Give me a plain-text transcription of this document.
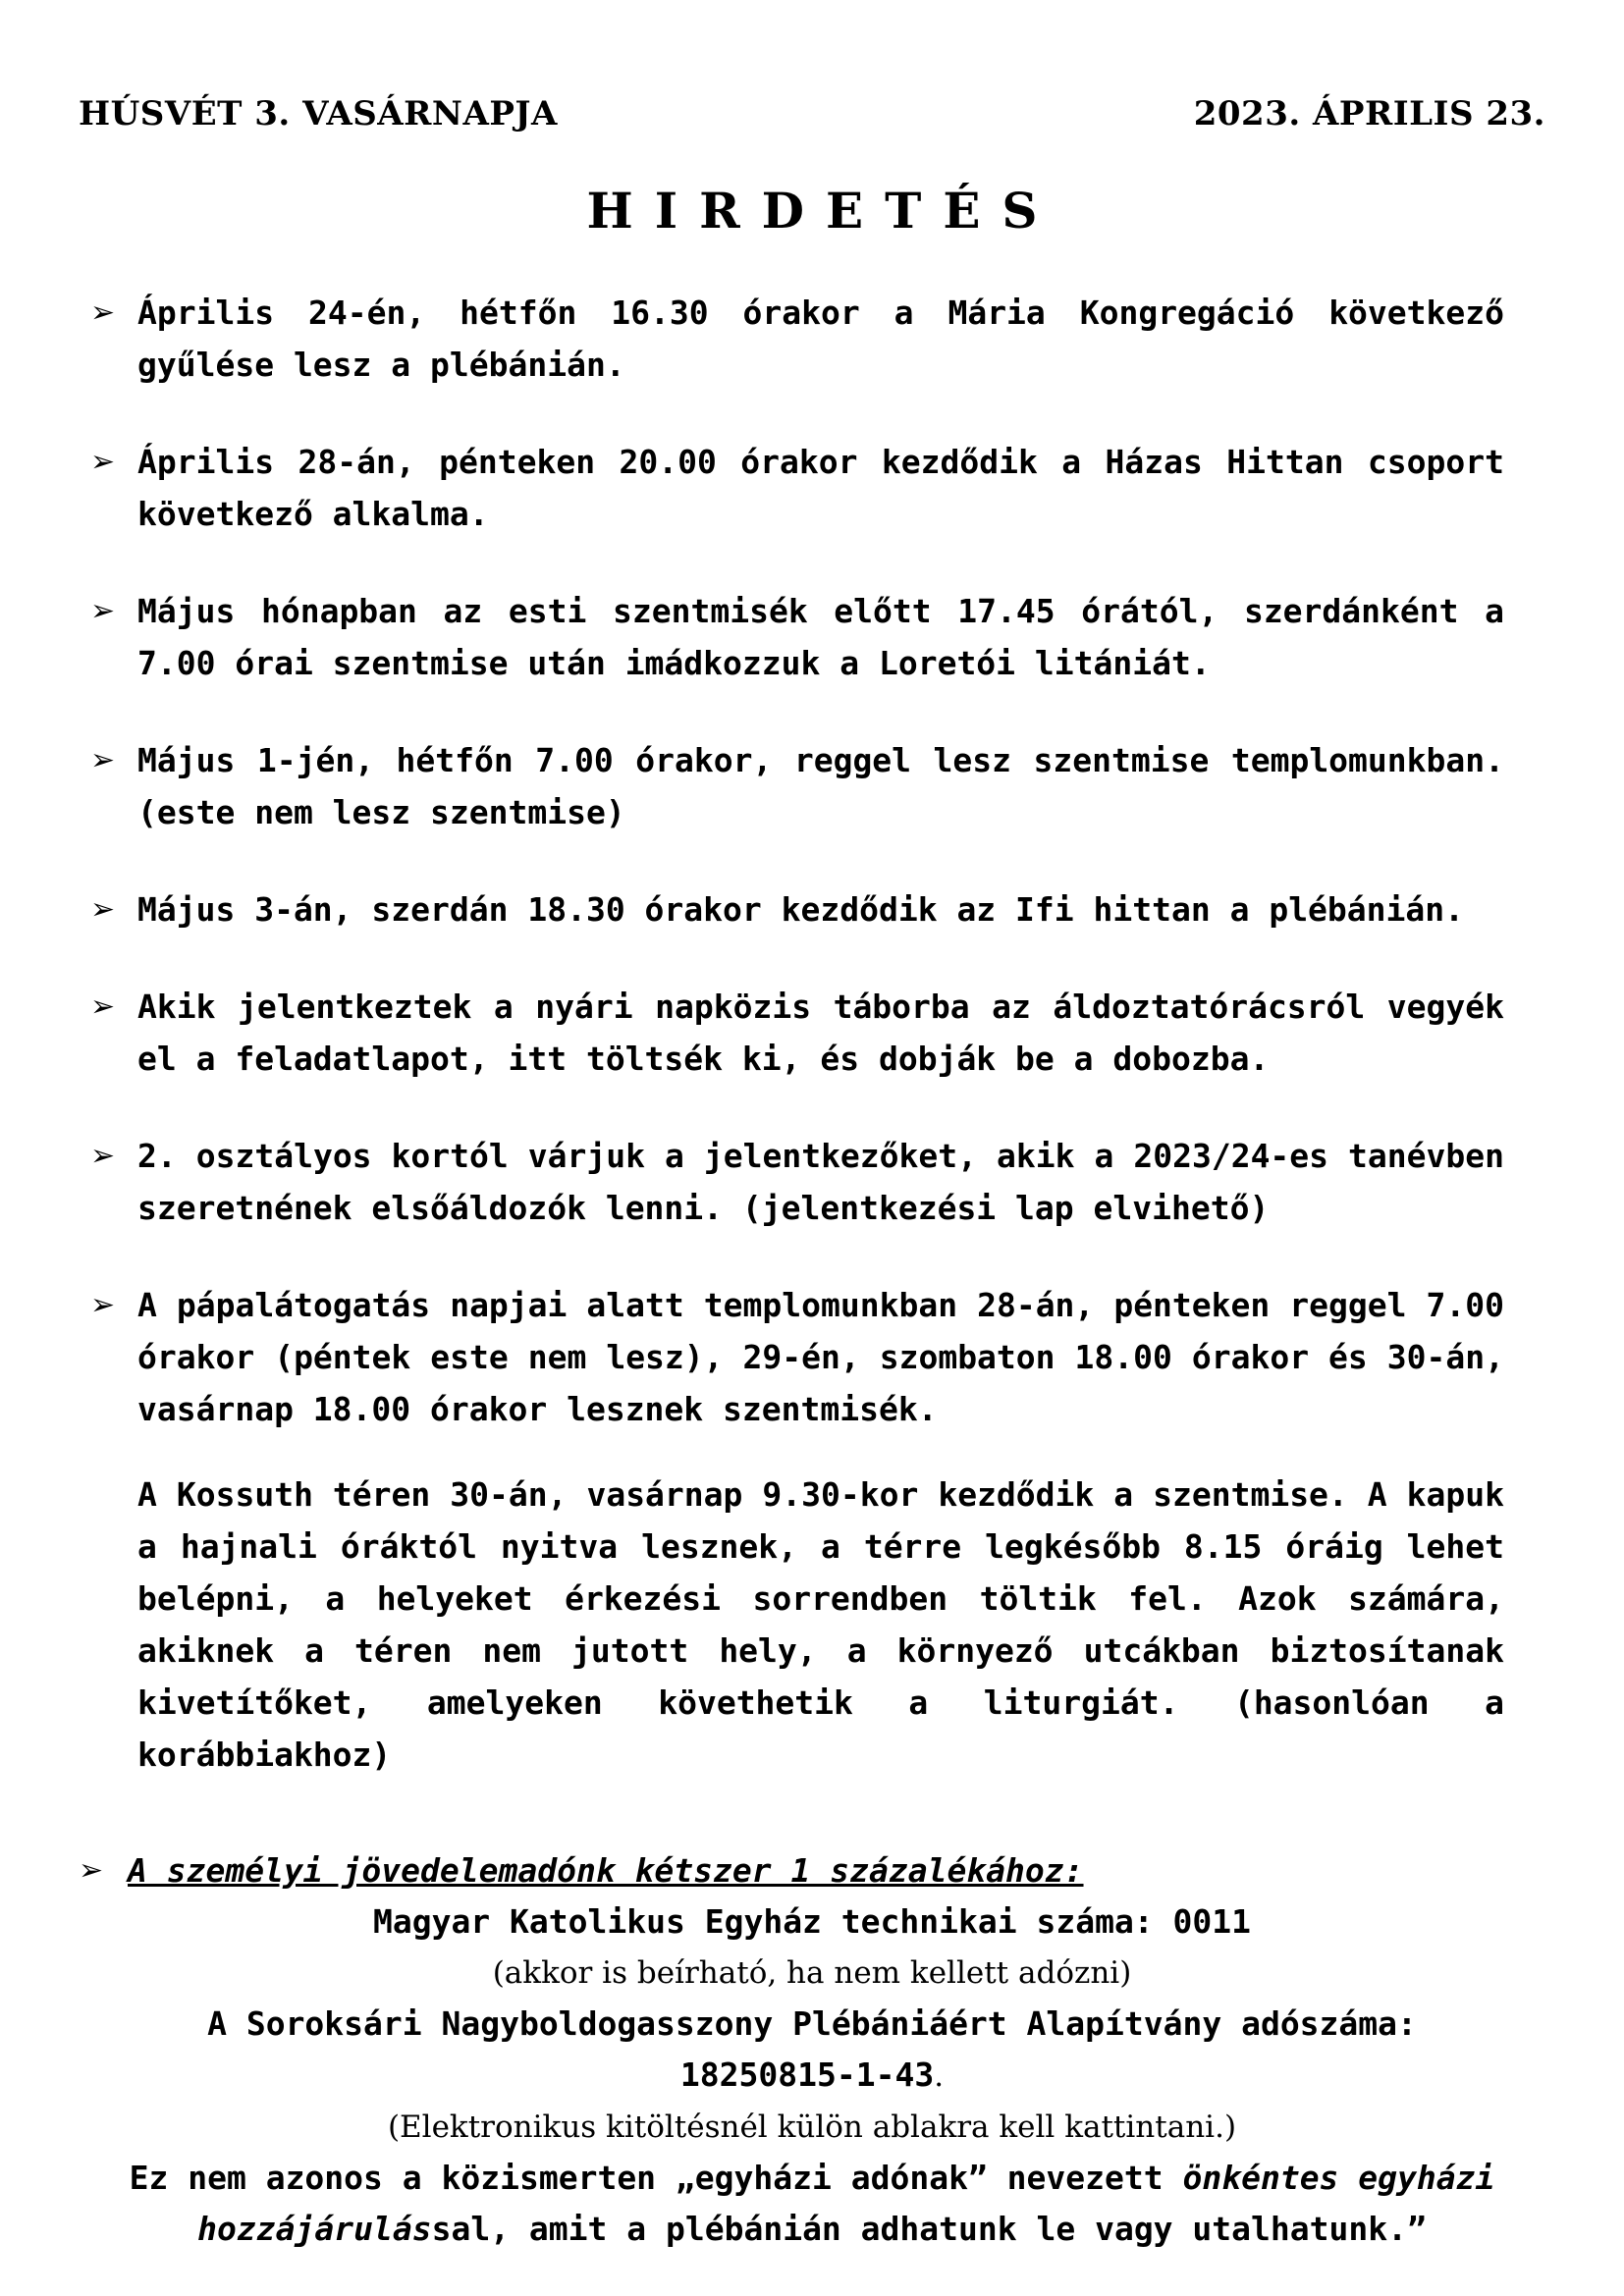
HÚSVÉT 3. VASÁRNAPJA	2023. ÁPRILIS 23.
HIRDETÉS
➢ Április 24-én, hétfőn 16.30 órakor a Mária Kongregáció következő gyűlése lesz a plébánián.
➢ Április 28-án, pénteken 20.00 órakor kezdődik a Házas Hittan csoport következő alkalma.
➢ Május hónapban az esti szentmisék előtt 17.45 órától, szerdánként a 7.00 órai szentmise után imádkozzuk a Loretói litániát.
➢ Május 1-jén, hétfőn 7.00 órakor, reggel lesz szentmise templomunkban. (este nem lesz szentmise)
➢ Május 3-án, szerdán 18.30 órakor kezdődik az Ifi hittan a plébánián.
➢ Akik jelentkeztek a nyári napközis táborba az áldoztatórácsról vegyék el a feladatlapot, itt töltsék ki, és dobják be a dobozba.
➢ 2. osztályos kortól várjuk a jelentkezőket, akik a 2023/24-es tanévben szeretnének elsőáldozók lenni. (jelentkezési lap elvihető)
➢ A pápalátogatás napjai alatt templomunkban 28-án, pénteken reggel 7.00 órakor (péntek este nem lesz), 29-én, szombaton 18.00 órakor és 30-án, vasárnap 18.00 órakor lesznek szentmisék.
A Kossuth téren 30-án, vasárnap 9.30-kor kezdődik a szentmise. A kapuk a hajnali óráktól nyitva lesznek, a térre legkésőbb 8.15 óráig lehet belépni, a helyeket érkezési sorrendben töltik fel. Azok számára, akiknek a téren nem jutott hely, a környező utcákban biztosítanak kivetítőket, amelyeken követhetik a liturgiát. (hasonlóan a korábbiakhoz)
➢ A személyi jövedelemadónk kétszer 1 százalékához:
Magyar Katolikus Egyház technikai száma: 0011
(akkor is beírható, ha nem kellett adózni)
A Soroksári Nagyboldogasszony Plébániáért Alapítvány adószáma:
18250815-1-43.
(Elektronikus kitöltésnél külön ablakra kell kattintani.)
Ez nem azonos a közismerten „egyházi adónak” nevezett önkéntes egyházi hozzájárulással, amit a plébánián adhatunk le vagy utalhatunk.”
